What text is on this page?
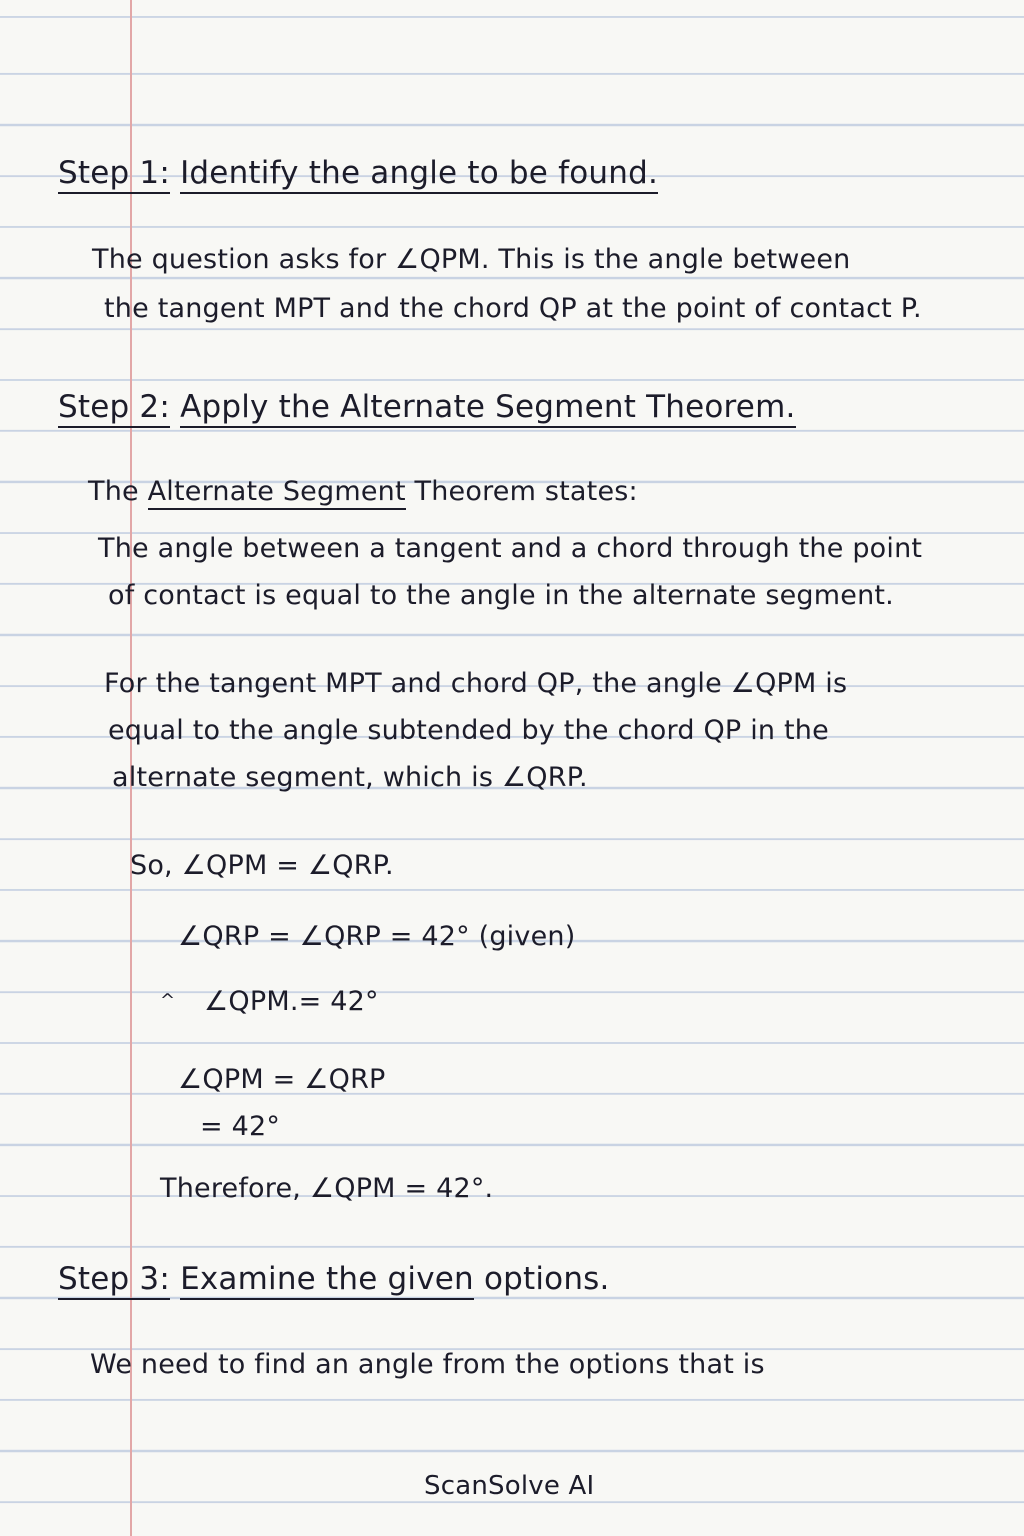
Step 1: Identify the angle to be found.
The question asks for ∠QPM. This is the angle between
the tangent MPT and the chord QP at the point of contact P.
Step 2: Apply the Alternate Segment Theorem.
The Alternate Segment Theorem states:
The angle between a tangent and a chord through the point
of contact is equal to the angle in the alternate segment.
For the tangent MPT and chord QP, the angle ∠QPM is
equal to the angle subtended by the chord QP in the
alternate segment, which is ∠QRP.
So, ∠QPM = ∠QRP.
∠QRP = ∠QRP = 42° (given)
^ ∠QPM.= 42°
∠QPM = ∠QRP
= 42°
Therefore, ∠QPM = 42°.
Step 3: Examine the given options.
We need to find an angle from the options that is
ScanSolve AI
